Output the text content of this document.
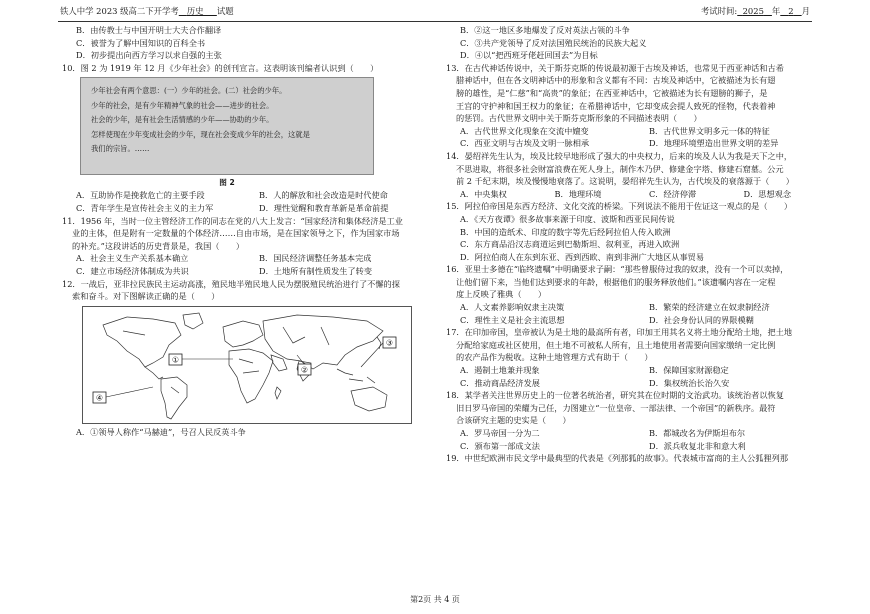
铁人中学 2023 级高二下开学考 历史 试题	考试时间: 2025 年 2 月
B．由传教士与中国开明士大夫合作翻译
C．被誉为了解中国知识的百科全书
D．初步提出向西方学习以求自强的主张
10．图 2 为 1919 年 12 月《少年社会》的创刊宣言。这表明该刊编者认识到（　　）
少年社会有两个意思：(一）少年的社会。(二）社会的少年。
少年的社会，是有少年精神气象的社会——进步的社会。
社会的少年，是有社会生活情感的少年——协助的少年。
怎样使现在少年变成社会的少年，现在社会变成少年的社会，这就是
我们的宗旨。……
图 2
A．互助协作是挽救危亡的主要手段	B．人的解放和社会改造是时代使命
C．青年学生是宣传社会主义的主力军	D．理性觉醒和教育革新是革命前提
11．1956 年，当时一位主管经济工作的同志在党的八大上发言：“国家经济和集体经济是工业
业的主体，但是附有一定数量的个体经济……自由市场，是在国家领导之下，作为国家市场
的补充。”这段讲话的历史背景是，我国（　　）
A．社会主义生产关系基本确立	B．国民经济调整任务基本完成
C．建立市场经济体制成为共识	D．土地所有制性质发生了转变
12．一战后，亚非拉民族民主运动高涨，殖民地半殖民地人民为摆脱殖民统治进行了不懈的探
索和奋斗。对下图解读正确的是（　　）
①
②
③
④
A．①领导人称作“马赫迪”，号召人民反英斗争
B．②这一地区多地爆发了反对英法占领的斗争
C．③共产党领导了反对法国殖民统治的民族大起义
D．④以“把西班牙佬赶回国去”为目标
13．在古代神话传说中，关于斯芬克斯的传说最初源于古埃及神话，也常见于西亚神话和古希
腊神话中，但在各文明神话中的形象和含义都有不同：古埃及神话中，它被描述为长有翅
膀的雄性，是“仁慈”和“高贵”的象征；在西亚神话中，它被描述为长有翅膀的狮子，是
王宫的守护神和国王权力的象征；在希腊神话中，它却变成会提人致死的怪物，代表着神
的惩罚。古代世界文明中关于斯芬克斯形象的不同描述表明（　　）
A．古代世界文化现象在交流中嬗变	B．古代世界文明多元一体的特征
C．西亚文明与古埃及文明一脉相承	D．地理环境塑造出世界文明的差异
14．晏绍祥先生认为，埃及比较早地形成了强大的中央权力，后来的埃及人认为我是天下之中，
不思进取，将很多社会财富浪费在死人身上，制作木乃伊、修建金字塔、修建石窟墓。公元
前 2 千纪末期，埃及慢慢地衰落了。这说明，晏绍祥先生认为，古代埃及的衰落源于（　　）
A．中央集权	B．地理环境	C．经济停滞	D．思想观念
15．阿拉伯帝国是东西方经济、文化交流的桥梁。下列说法不能用于佐证这一观点的是（　　）
A．《天方夜谭》很多故事来源于印度、波斯和西亚民间传说
B．中国的造纸术、印度的数字等先后经阿拉伯人传入欧洲
C．东方商品沿汉志商道运到巴勒斯坦、叙利亚，再进入欧洲
D．阿拉伯商人在东到东亚、西到西欧、南到非洲广大地区从事贸易
16．亚里士多德在“临终遗嘱”中明确要求子嗣：“那些曾服侍过我的奴隶，没有一个可以卖掉，
让他们留下来，当他们达到要求的年龄，根据他们的服务释放他们。”该遗嘱内容在一定程
度上反映了雅典（　　）
A．人文素养影响奴隶主决策	B．繁荣的经济建立在奴隶制经济
C．理性主义是社会主流思想	D．社会身份认同的界限模糊
17．在印加帝国，皇帝被认为是土地的最高所有者，印加王用其名义将土地分配给土地，把土地
分配给家庭或社区使用，但土地不可被私人所有，且土地使用者需要向国家缴纳一定比例
的农产品作为税收。这种土地管理方式有助于（　　）
A．遏制土地兼并现象	B．保障国家财源稳定
C．推动商品经济发展	D．集权统治长治久安
18．某学者关注世界历史上的一位著名统治者，研究其在位时期的文治武功。该统治者以恢复
旧日罗马帝国的荣耀为己任，力图建立“一位皇帝、一部法律、一个帝国”的新秩序。最符
合该研究主题的史实是（　　）
A．罗马帝国一分为二	B．都城改名为伊斯坦布尔
C．颁布第一部成文法	D．派兵收复北非和意大利
19．中世纪欧洲市民文学中最典型的代表是《列那狐的故事》。代表城市富商的主人公狐狸列那
第2页 共 4 页
